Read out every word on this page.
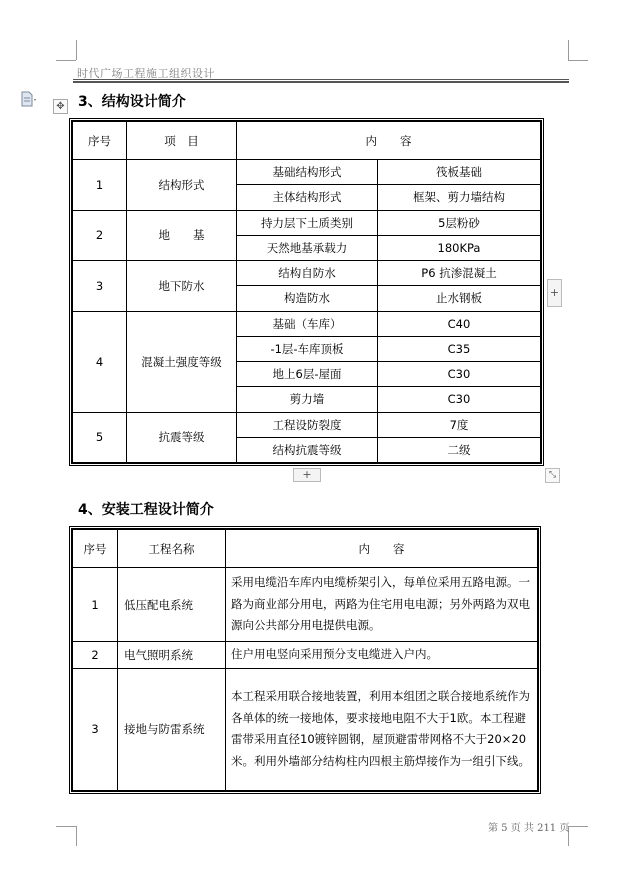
时代广场工程施工组织设计
✥ 3、结构设计简介
序号	项　目	内　　容	
1	结构形式	基础结构形式	筏板基础
		主体结构形式	框架、剪力墙结构
2	地　　基	持力层下土质类别	5层粉砂
		天然地基承载力	180KPa
3	地下防水	结构自防水	P6 抗渗混凝土
		构造防水	止水钢板
4	混凝土强度等级	基础（车库）	C40
		-1层-车库顶板	C35
		地上6层-屋面	C30
		剪力墙	C30
5	抗震等级	工程设防裂度	7度
		结构抗震等级	二级
+
+	⤡
4、安装工程设计简介
序号	工程名称	内　　容
1	低压配电系统	采用电缆沿车库内电缆桥架引入，每单位采用五路电源。一路为商业部分用电，两路为住宅用电电源；另外两路为双电源向公共部分用电提供电源。
2	电气照明系统	住户用电竖向采用预分支电缆进入户内。
3	接地与防雷系统	本工程采用联合接地装置，利用本组团之联合接地系统作为各单体的统一接地体，要求接地电阻不大于1欧。本工程避雷带采用直径10镀锌圆钢，屋顶避雷带网格不大于20×20米。利用外墙部分结构柱内四根主筋焊接作为一组引下线。
第 5 页 共 211 页
